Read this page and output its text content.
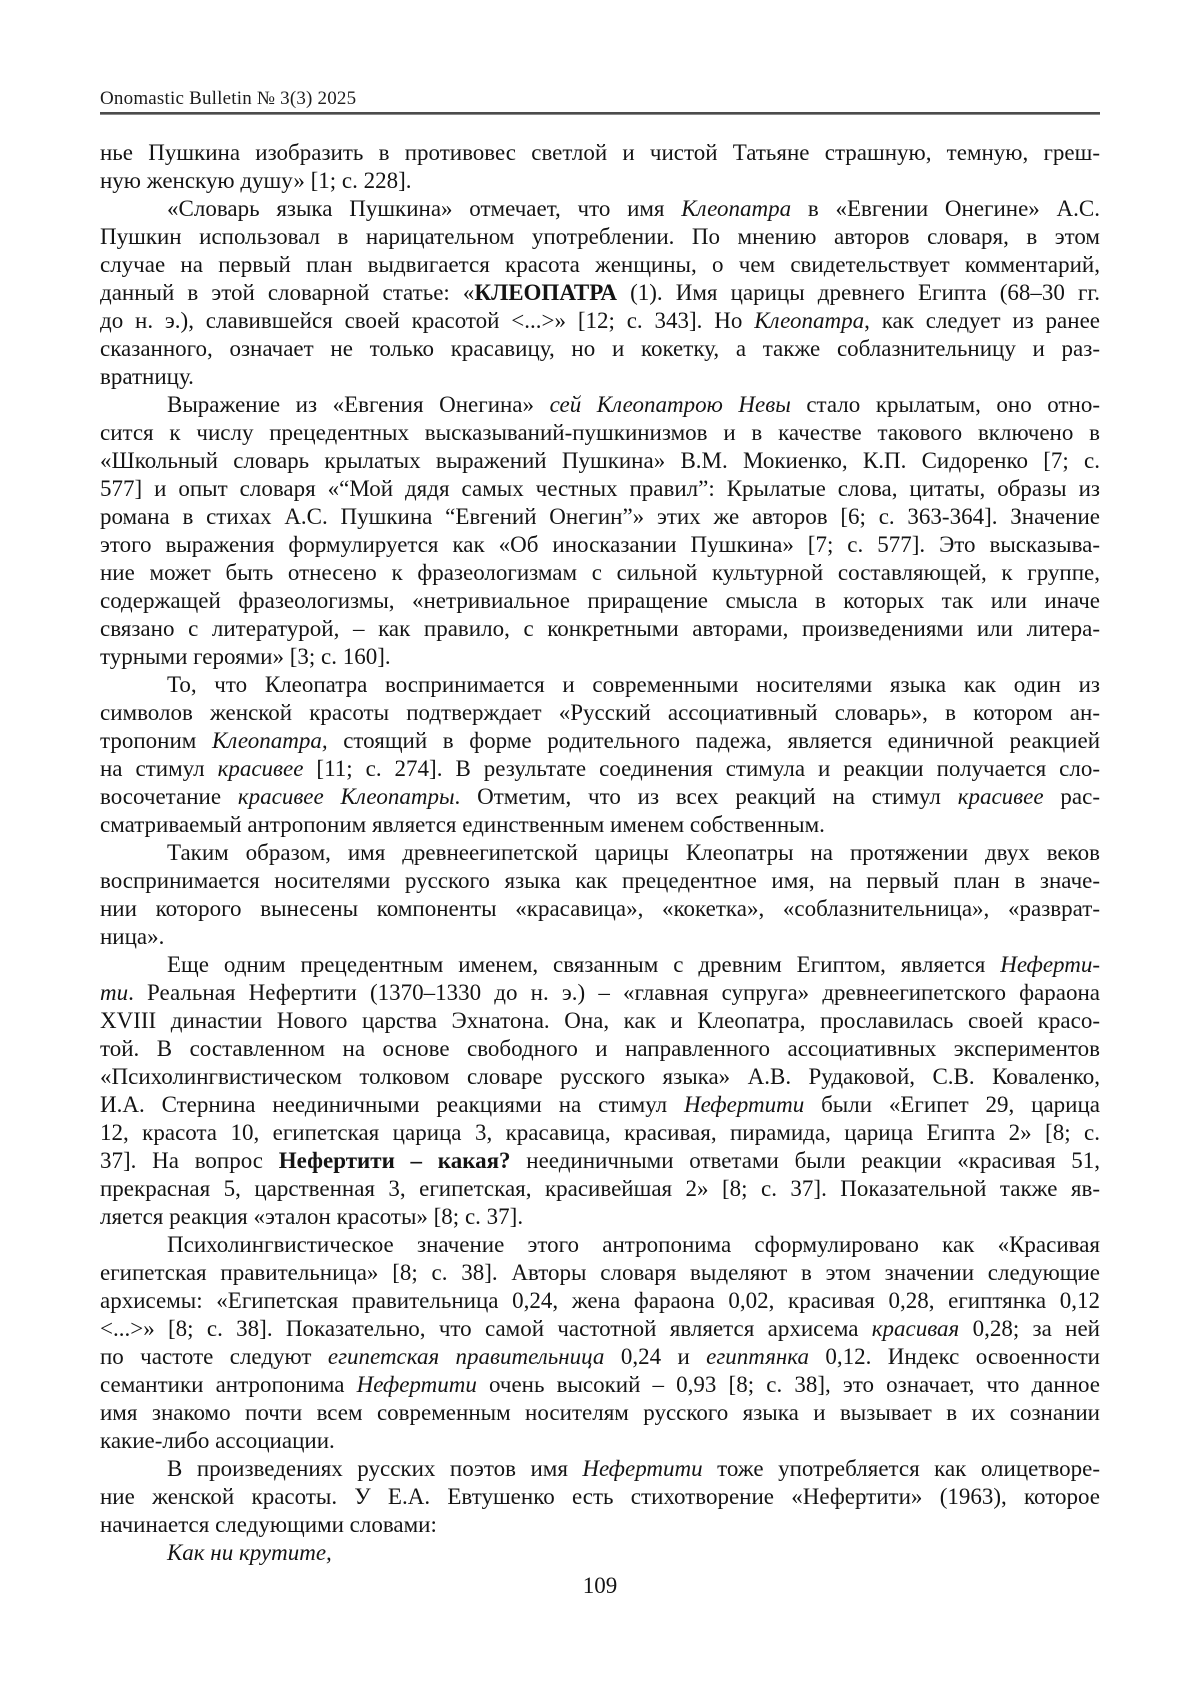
Onomastic Bulletin № 3(3) 2025
нье Пушкина изобразить в противовес светлой и чистой Татьяне страшную, темную, греш-
ную женскую душу» [1; с. 228].
«Словарь языка Пушкина» отмечает, что имя Клеопатра в «Евгении Онегине» А.С.
Пушкин использовал в нарицательном употреблении. По мнению авторов словаря, в этом
случае на первый план выдвигается красота женщины, о чем свидетельствует комментарий,
данный в этой словарной статье: «КЛЕОПАТРА (1). Имя царицы древнего Египта (68–30 гг.
до н. э.), славившейся своей красотой <...>» [12; с. 343]. Но Клеопатра, как следует из ранее
сказанного, означает не только красавицу, но и кокетку, а также соблазнительницу и раз-
вратницу.
Выражение из «Евгения Онегина» сей Клеопатрою Невы стало крылатым, оно отно-
сится к числу прецедентных высказываний-пушкинизмов и в качестве такового включено в
«Школьный словарь крылатых выражений Пушкина» В.М. Мокиенко, К.П. Сидоренко [7; с.
577] и опыт словаря «“Мой дядя самых честных правил”: Крылатые слова, цитаты, образы из
романа в стихах А.С. Пушкина “Евгений Онегин”» этих же авторов [6; с. 363-364]. Значение
этого выражения формулируется как «Об иносказании Пушкина» [7; с. 577]. Это высказыва-
ние может быть отнесено к фразеологизмам с сильной культурной составляющей, к группе,
содержащей фразеологизмы, «нетривиальное приращение смысла в которых так или иначе
связано с литературой, – как правило, с конкретными авторами, произведениями или литера-
турными героями» [3; с. 160].
То, что Клеопатра воспринимается и современными носителями языка как один из
символов женской красоты подтверждает «Русский ассоциативный словарь», в котором ан-
тропоним Клеопатра, стоящий в форме родительного падежа, является единичной реакцией
на стимул красивее [11; с. 274]. В результате соединения стимула и реакции получается сло-
восочетание красивее Клеопатры. Отметим, что из всех реакций на стимул красивее рас-
сматриваемый антропоним является единственным именем собственным.
Таким образом, имя древнеегипетской царицы Клеопатры на протяжении двух веков
воспринимается носителями русского языка как прецедентное имя, на первый план в значе-
нии которого вынесены компоненты «красавица», «кокетка», «соблазнительница», «разврат-
ница».
Еще одним прецедентным именем, связанным с древним Египтом, является Неферти-
ти. Реальная Нефертити (1370–1330 до н. э.) – «главная супруга» древнеегипетского фараона
XVIII династии Нового царства Эхнатона. Она, как и Клеопатра, прославилась своей красо-
той. В составленном на основе свободного и направленного ассоциативных экспериментов
«Психолингвистическом толковом словаре русского языка» А.В. Рудаковой, С.В. Коваленко,
И.А. Стернина неединичными реакциями на стимул Нефертити были «Египет 29, царица
12, красота 10, египетская царица 3, красавица, красивая, пирамида, царица Египта 2» [8; с.
37]. На вопрос Нефертити – какая? неединичными ответами были реакции «красивая 51,
прекрасная 5, царственная 3, египетская, красивейшая 2» [8; с. 37]. Показательной также яв-
ляется реакция «эталон красоты» [8; с. 37].
Психолингвистическое значение этого антропонима сформулировано как «Красивая
египетская правительница» [8; с. 38]. Авторы словаря выделяют в этом значении следующие
архисемы: «Египетская правительница 0,24, жена фараона 0,02, красивая 0,28, египтянка 0,12
<...>» [8; с. 38]. Показательно, что самой частотной является архисема красивая 0,28; за ней
по частоте следуют египетская правительница 0,24 и египтянка 0,12. Индекс освоенности
семантики антропонима Нефертити очень высокий – 0,93 [8; с. 38], это означает, что данное
имя знакомо почти всем современным носителям русского языка и вызывает в их сознании
какие-либо ассоциации.
В произведениях русских поэтов имя Нефертити тоже употребляется как олицетворе-
ние женской красоты. У Е.А. Евтушенко есть стихотворение «Нефертити» (1963), которое
начинается следующими словами:
Как ни крутите,
109
